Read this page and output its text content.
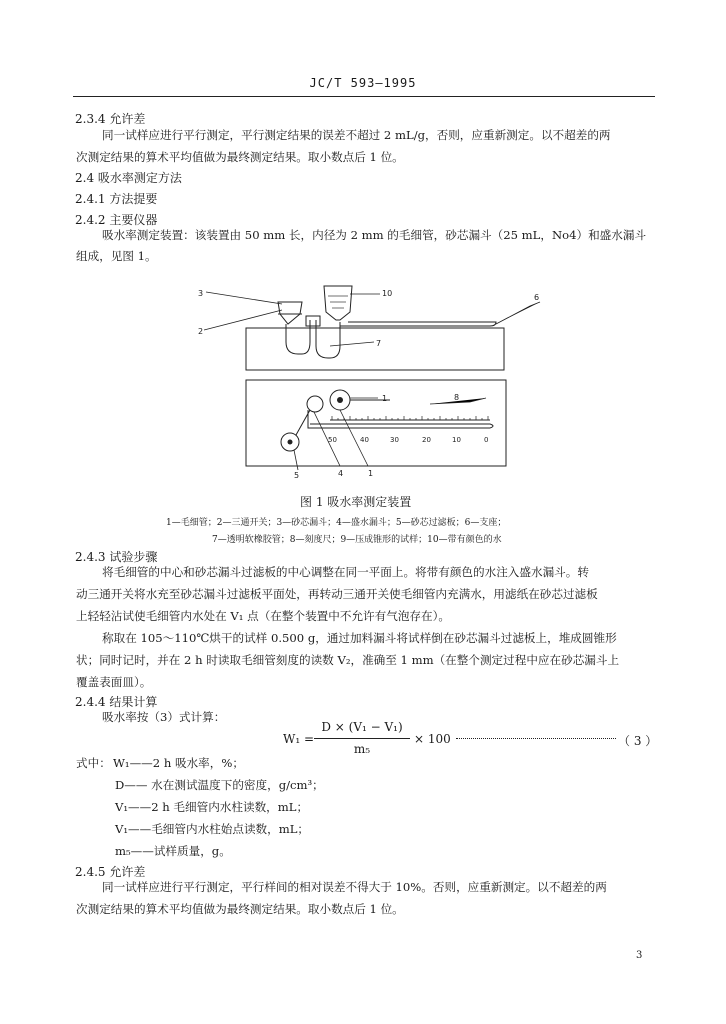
JC/T 593—1995
2.3.4 允许差
同一试样应进行平行测定，平行测定结果的误差不超过 2 mL/g，否则，应重新测定。以不超差的两
次测定结果的算术平均值做为最终测定结果。取小数点后 1 位。
2.4 吸水率测定方法
2.4.1 方法提要
2.4.2 主要仪器
吸水率测定装置：该装置由 50 mm 长，内径为 2 mm 的毛细管，砂芯漏斗（25 mL，No4）和盛水漏斗
组成，见图 1。
3
2
10	6
7
1	8
5	4	1
50	40	30	20	10	0
图 1 吸水率测定装置
1—毛细管；2—三通开关；3—砂芯漏斗；4—盛水漏斗；5—砂芯过滤板；6—支座；
7—透明软橡胶管；8—刻度尺；9—压成锥形的试样；10—带有颜色的水
2.4.3 试验步骤
将毛细管的中心和砂芯漏斗过滤板的中心调整在同一平面上。将带有颜色的水注入盛水漏斗。转
动三通开关将水充至砂芯漏斗过滤板平面处，再转动三通开关使毛细管内充满水，用滤纸在砂芯过滤板
上轻轻沾试使毛细管内水处在 V₁ 点（在整个装置中不允许有气泡存在）。
称取在 105～110℃烘干的试样 0.500 g，通过加料漏斗将试样倒在砂芯漏斗过滤板上，堆成圆锥形
状；同时记时，并在 2 h 时读取毛细管刻度的读数 V₂，准确至 1 mm（在整个测定过程中应在砂芯漏斗上
覆盖表面皿）。
2.4.4 结果计算
吸水率按（3）式计算：
W₁ =
D × (V₁ − V₁)
m₅
× 100	（ 3 ）
式中： W₁——2 h 吸水率，%；
D—— 水在测试温度下的密度，g/cm³；
V₁——2 h 毛细管内水柱读数，mL；
V₁——毛细管内水柱始点读数，mL；
m₅——试样质量，g。
2.4.5 允许差
同一试样应进行平行测定，平行样间的相对误差不得大于 10%。否则，应重新测定。以不超差的两
次测定结果的算术平均值做为最终测定结果。取小数点后 1 位。
3
